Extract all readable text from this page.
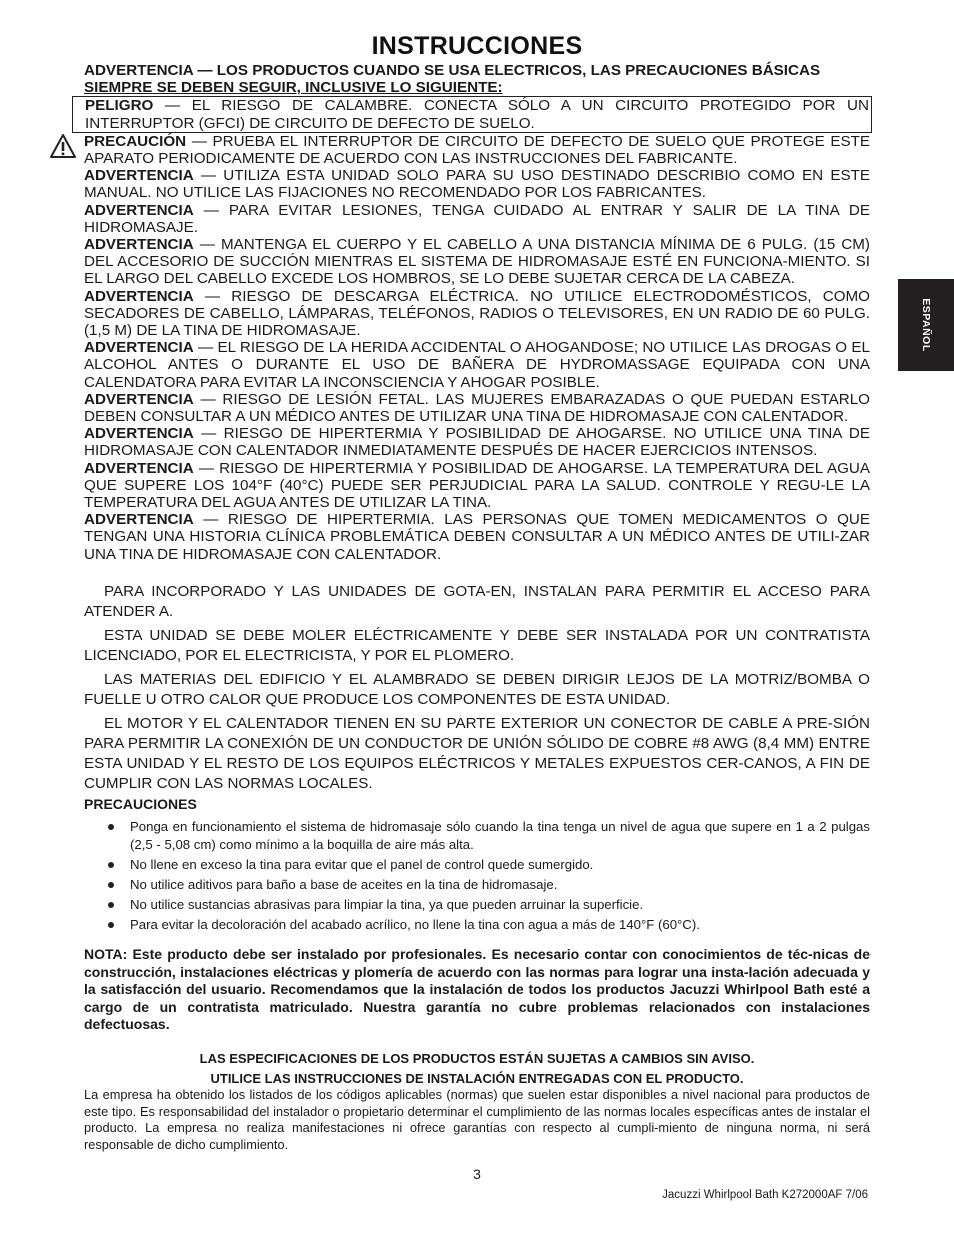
INSTRUCCIONES
ESPAÑOL

ADVERTENCIA — LOS PRODUCTOS CUANDO SE USA ELECTRICOS, LAS PRECAUCIONES BÁSICAS

SIEMPRE SE DEBEN SEGUIR, INCLUSIVE LO SIGUIENTE:

PELIGRO — EL RIESGO DE CALAMBRE. CONECTA SÓLO A UN CIRCUITO PROTEGIDO POR UN INTERRUPTOR (GFCI) DE CIRCUITO DE DEFECTO DE SUELO.

PRECAUCIÓN — PRUEBA EL INTERRUPTOR DE CIRCUITO DE DEFECTO DE SUELO QUE PROTEGE ESTE APARATO PERIODICAMENTE DE ACUERDO CON LAS INSTRUCCIONES DEL FABRICANTE.

ADVERTENCIA — UTILIZA ESTA UNIDAD SOLO PARA SU USO DESTINADO DESCRIBIO COMO EN ESTE MANUAL. NO UTILICE LAS FIJACIONES NO RECOMENDADO POR LOS FABRICANTES.

ADVERTENCIA — PARA EVITAR LESIONES, TENGA CUIDADO AL ENTRAR Y SALIR DE LA TINA DE HIDROMASAJE.

ADVERTENCIA — MANTENGA EL CUERPO Y EL CABELLO A UNA DISTANCIA MÍNIMA DE 6 PULG. (15 CM) DEL ACCESORIO DE SUCCIÓN MIENTRAS EL SISTEMA DE HIDROMASAJE ESTÉ EN FUNCIONA-MIENTO. SI EL LARGO DEL CABELLO EXCEDE LOS HOMBROS, SE LO DEBE SUJETAR CERCA DE LA CABEZA.

ADVERTENCIA — RIESGO DE DESCARGA ELÉCTRICA. NO UTILICE ELECTRODOMÉSTICOS, COMO SECADORES DE CABELLO, LÁMPARAS, TELÉFONOS, RADIOS O TELEVISORES, EN UN RADIO DE 60 PULG. (1,5 M) DE LA TINA DE HIDROMASAJE.

ADVERTENCIA — EL RIESGO DE LA HERIDA ACCIDENTAL O AHOGANDOSE; NO UTILICE LAS DROGAS O EL ALCOHOL ANTES O DURANTE EL USO DE BAÑERA DE HYDROMASSAGE EQUIPADA CON UNA CALENDATORA PARA EVITAR LA INCONSCIENCIA Y AHOGAR POSIBLE.

ADVERTENCIA — RIESGO DE LESIÓN FETAL. LAS MUJERES EMBARAZADAS O QUE PUEDAN ESTARLO DEBEN CONSULTAR A UN MÉDICO ANTES DE UTILIZAR UNA TINA DE HIDROMASAJE CON CALENTADOR.

ADVERTENCIA — RIESGO DE HIPERTERMIA Y POSIBILIDAD DE AHOGARSE. NO UTILICE UNA TINA DE HIDROMASAJE CON CALENTADOR INMEDIATAMENTE DESPUÉS DE HACER EJERCICIOS INTENSOS.

ADVERTENCIA — RIESGO DE HIPERTERMIA Y POSIBILIDAD DE AHOGARSE. LA TEMPERATURA DEL AGUA QUE SUPERE LOS 104°F (40°C) PUEDE SER PERJUDICIAL PARA LA SALUD. CONTROLE Y REGU-LE LA TEMPERATURA DEL AGUA ANTES DE UTILIZAR LA TINA.

ADVERTENCIA — RIESGO DE HIPERTERMIA. LAS PERSONAS QUE TOMEN MEDICAMENTOS O QUE TENGAN UNA HISTORIA CLÍNICA PROBLEMÁTICA DEBEN CONSULTAR A UN MÉDICO ANTES DE UTILI-ZAR UNA TINA DE HIDROMASAJE CON CALENTADOR.

PARA INCORPORADO Y LAS UNIDADES DE GOTA-EN, INSTALAN PARA PERMITIR EL ACCESO PARA ATENDER A.

ESTA UNIDAD SE DEBE MOLER ELÉCTRICAMENTE Y DEBE SER INSTALADA POR UN CONTRATISTA LICENCIADO, POR EL ELECTRICISTA, Y POR EL PLOMERO.

LAS MATERIAS DEL EDIFICIO Y EL ALAMBRADO SE DEBEN DIRIGIR LEJOS DE LA MOTRIZ/BOMBA O FUELLE U OTRO CALOR QUE PRODUCE LOS COMPONENTES DE ESTA UNIDAD.

EL MOTOR Y EL CALENTADOR TIENEN EN SU PARTE EXTERIOR UN CONECTOR DE CABLE A PRE-SIÓN PARA PERMITIR LA CONEXIÓN DE UN CONDUCTOR DE UNIÓN SÓLIDO DE COBRE #8 AWG (8,4 MM) ENTRE ESTA UNIDAD Y EL RESTO DE LOS EQUIPOS ELÉCTRICOS Y METALES EXPUESTOS CER-CANOS, A FIN DE CUMPLIR CON LAS NORMAS LOCALES.

PRECAUCIONES
Ponga en funcionamiento el sistema de hidromasaje sólo cuando la tina tenga un nivel de agua que supere en 1 a 2 pulgas (2,5 - 5,08 cm) como mínimo a la boquilla de aire más alta.
No llene en exceso la tina para evitar que el panel de control quede sumergido.
No utilice aditivos para baño a base de aceites en la tina de hidromasaje.
No utilice sustancias abrasivas para limpiar la tina, ya que pueden arruinar la superficie.
Para evitar la decoloración del acabado acrílico, no llene la tina con agua a más de 140°F (60°C).
NOTA: Este producto debe ser instalado por profesionales. Es necesario contar con conocimientos de téc-nicas de construcción, instalaciones eléctricas y plomería de acuerdo con las normas para lograr una insta-lación adecuada y la satisfacción del usuario. Recomendamos que la instalación de todos los productos Jacuzzi Whirlpool Bath esté a cargo de un contratista matriculado. Nuestra garantía no cubre problemas relacionados con instalaciones defectuosas.
LAS ESPECIFICACIONES DE LOS PRODUCTOS ESTÁN SUJETAS A CAMBIOS SIN AVISO.
UTILICE LAS INSTRUCCIONES DE INSTALACIÓN ENTREGADAS CON EL PRODUCTO.
La empresa ha obtenido los listados de los códigos aplicables (normas) que suelen estar disponibles a nivel nacional para productos de este tipo. Es responsabilidad del instalador o propietario determinar el cumplimiento de las normas locales específicas antes de instalar el producto. La empresa no realiza manifestaciones ni ofrece garantías con respecto al cumpli-miento de ninguna norma, ni será responsable de dicho cumplimiento.
3
Jacuzzi Whirlpool Bath K272000AF 7/06
